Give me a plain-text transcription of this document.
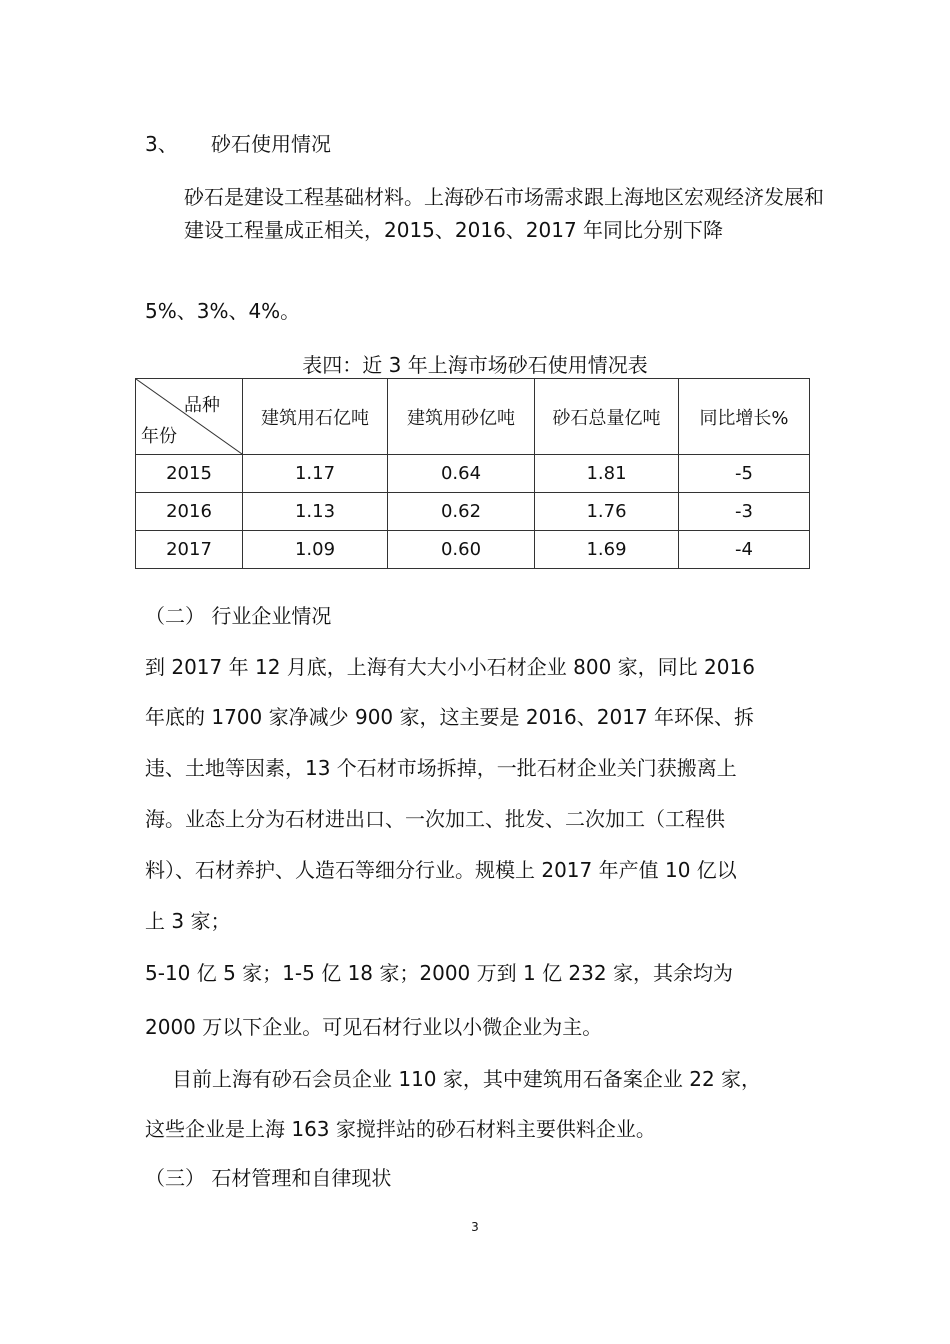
3、 砂石使用情况
砂石是建设工程基础材料。上海砂石市场需求跟上海地区宏观经济发展和建设工程量成正相关，2015、2016、2017 年同比分别下降
5%、3%、4%。
表四：近 3 年上海市场砂石使用情况表
品种
年份	建筑用石亿吨	建筑用砂亿吨	砂石总量亿吨	同比增长%
2015	1.17	0.64	1.81	-5
2016	1.13	0.62	1.76	-3
2017	1.09	0.60	1.69	-4
（二） 行业企业情况
到 2017 年 12 月底，上海有大大小小石材企业 800 家，同比 2016
年底的 1700 家净减少 900 家，这主要是 2016、2017 年环保、拆
违、土地等因素，13 个石材市场拆掉，一批石材企业关门获搬离上
海。业态上分为石材进出口、一次加工、批发、二次加工（工程供
料）、石材养护、人造石等细分行业。规模上 2017 年产值 10 亿以
上 3 家；
5-10 亿 5 家；1-5 亿 18 家；2000 万到 1 亿 232 家，其余均为
2000 万以下企业。可见石材行业以小微企业为主。
目前上海有砂石会员企业 110 家，其中建筑用石备案企业 22 家，
这些企业是上海 163 家搅拌站的砂石材料主要供料企业。
（三） 石材管理和自律现状
3
